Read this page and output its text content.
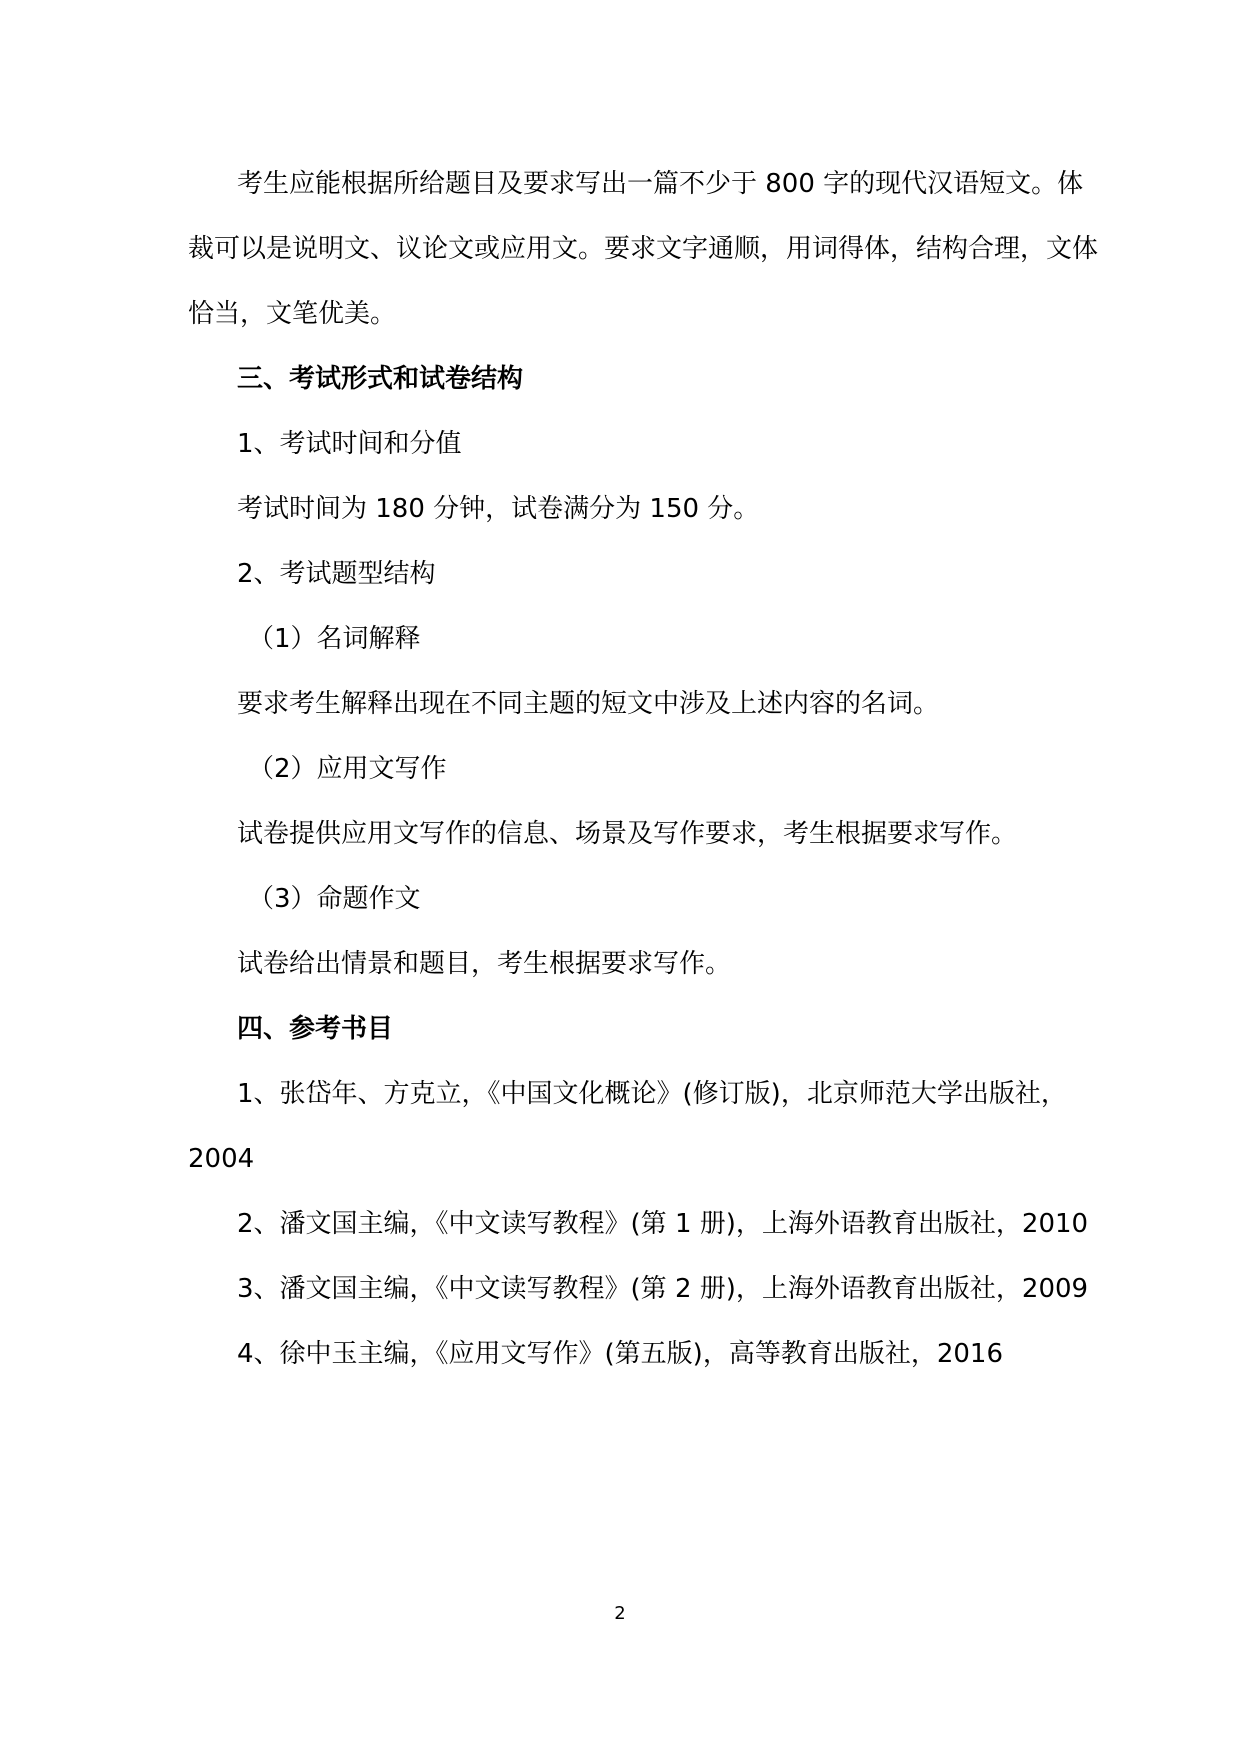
考生应能根据所给题目及要求写出一篇不少于 800 字的现代汉语短文。体
裁可以是说明文、议论文或应用文。要求文字通顺，用词得体，结构合理，文体
恰当，文笔优美。
三、考试形式和试卷结构
1、考试时间和分值
考试时间为 180 分钟，试卷满分为 150 分。
2、考试题型结构
（1）名词解释
要求考生解释出现在不同主题的短文中涉及上述内容的名词。
（2）应用文写作
试卷提供应用文写作的信息、场景及写作要求，考生根据要求写作。
（3）命题作文
试卷给出情景和题目，考生根据要求写作。
四、参考书目
1、张岱年、方克立，《中国文化概论》(修订版)，北京师范大学出版社，
2004
2、潘文国主编，《中文读写教程》(第 1 册)，上海外语教育出版社，2010
3、潘文国主编，《中文读写教程》(第 2 册)，上海外语教育出版社，2009
4、徐中玉主编，《应用文写作》(第五版)，高等教育出版社，2016
2
